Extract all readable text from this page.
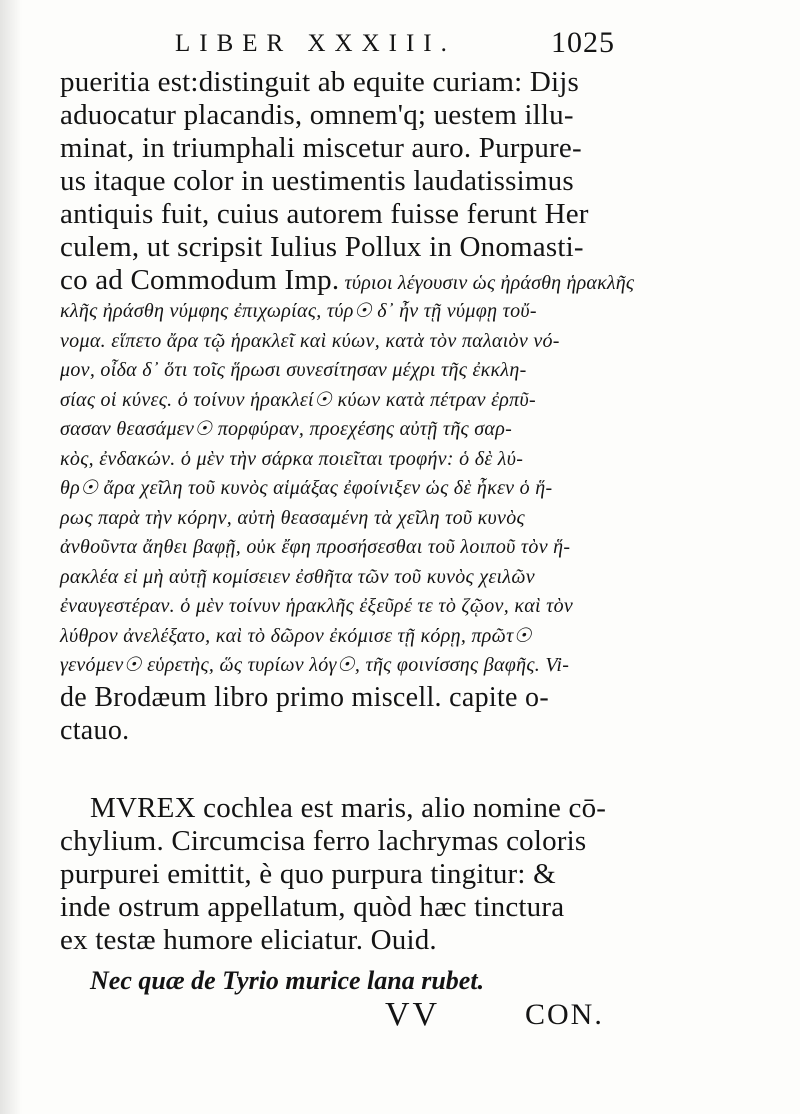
LIBER XXXIII.	1025
pueritia est:distinguit ab equite curiam: Dijs
aduocatur placandis, omnem'q; uestem illu-
minat, in triumphali miscetur auro. Purpure-
us itaque color in uestimentis laudatissimus
antiquis fuit, cuius autorem fuisse ferunt Her
culem, ut scripsit Iulius Pollux in Onomasti-
co ad Commodum Imp. τύριοι λέγουσιν ὡς ἠράσθη ἡρακλῆς
κλῆς ἠράσθη νύμφης ἐπιχωρίας, τύρ☉ δ᾽ ἦν τῇ νύμφῃ τοὔ-
νομα. εἵπετο ἄρα τῷ ἡρακλεῖ καὶ κύων, κατὰ τὸν παλαιὸν νό-
μον, οἶδα δ᾽ ὅτι τοῖς ἥρωσι συνεσίτησαν μέχρι τῆς ἐκκλη-
σίας οἱ κύνες. ὁ τοίνυν ἡρακλεί☉ κύων κατὰ πέτραν ἐρπῦ-
σασαν θεασάμεν☉ πορφύραν, προεχέσης αὐτῇ τῆς σαρ-
κὸς, ἐνδακών. ὁ μὲν τὴν σάρκα ποιεῖται τροφήν: ὁ δὲ λύ-
θρ☉ ἄρα χεῖλη τοῦ κυνὸς αἱμάξας ἐφοίνιξεν ὡς δὲ ἧκεν ὁ ἥ-
ρως παρὰ τὴν κόρην, αὐτὴ θεασαμένη τὰ χεῖλη τοῦ κυνὸς
ἀνθοῦντα ἄηθει βαφῇ, οὐκ ἔφη προσήσεσθαι τοῦ λοιποῦ τὸν ἥ-
ρακλέα εἰ μὴ αὐτῇ κομίσειεν ἐσθῆτα τῶν τοῦ κυνὸς χειλῶν
ἐναυγεστέραν. ὁ μὲν τοίνυν ἡρακλῆς ἐξεῦρέ τε τὸ ζῷον, καὶ τὸν
λύθρον ἀνελέξατο, καὶ τὸ δῶρον ἐκόμισε τῇ κόρῃ, πρῶτ☉
γενόμεν☉ εὑρετὴς, ὥς τυρίων λόγ☉, τῆς φοινίσσης βαφῆς. Vi-
de Brodæum libro primo miscell. capite o-
ctauo.
MVREX cochlea est maris, alio nomine cō-
chylium. Circumcisa ferro lachrymas coloris
purpurei emittit, è quo purpura tingitur: &
inde ostrum appellatum, quòd hæc tinctura
ex testæ humore eliciatur. Ouid.
Nec quæ de Tyrio murice lana rubet.
VV	CON.
